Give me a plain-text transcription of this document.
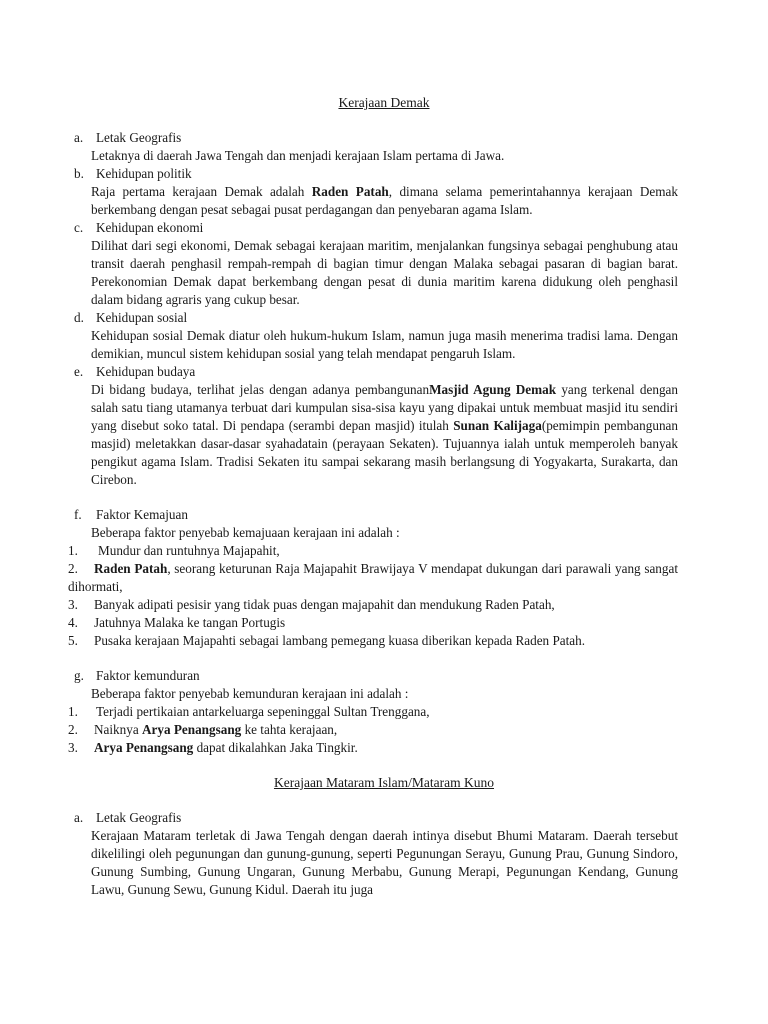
Kerajaan Demak
a. Letak Geografis
Letaknya di daerah Jawa Tengah dan menjadi kerajaan Islam pertama di Jawa.
b. Kehidupan politik
Raja pertama kerajaan Demak adalah Raden Patah, dimana selama pemerintahannya kerajaan Demak berkembang dengan pesat sebagai pusat perdagangan dan penyebaran agama Islam.
c. Kehidupan ekonomi
Dilihat dari segi ekonomi, Demak sebagai kerajaan maritim, menjalankan fungsinya sebagai penghubung atau transit daerah penghasil rempah-rempah di bagian timur dengan Malaka sebagai pasaran di bagian barat. Perekonomian Demak dapat berkembang dengan pesat di dunia maritim karena didukung oleh penghasil dalam bidang agraris yang cukup besar.
d. Kehidupan sosial
Kehidupan sosial Demak diatur oleh hukum-hukum Islam, namun juga masih menerima tradisi lama. Dengan demikian, muncul sistem kehidupan sosial yang telah mendapat pengaruh Islam.
e. Kehidupan budaya
Di bidang budaya, terlihat jelas dengan adanya pembangunanMasjid Agung Demak yang terkenal dengan salah satu tiang utamanya terbuat dari kumpulan sisa-sisa kayu yang dipakai untuk membuat masjid itu sendiri yang disebut soko tatal. Di pendapa (serambi depan masjid) itulah Sunan Kalijaga(pemimpin pembangunan masjid) meletakkan dasar-dasar syahadatain (perayaan Sekaten). Tujuannya ialah untuk memperoleh banyak pengikut agama Islam. Tradisi Sekaten itu sampai sekarang masih berlangsung di Yogyakarta, Surakarta, dan Cirebon.
f. Faktor Kemajuan
Beberapa faktor penyebab kemajuaan kerajaan ini adalah :
1. Mundur dan runtuhnya Majapahit,
2.	Raden Patah, seorang keturunan Raja Majapahit Brawijaya V mendapat dukungan dari parawali yang sangat dihormati,
3. Banyak adipati pesisir yang tidak puas dengan majapahit dan mendukung Raden Patah,
4. Jatuhnya Malaka ke tangan Portugis
5. Pusaka kerajaan Majapahti sebagai lambang pemegang kuasa diberikan kepada Raden Patah.
g. Faktor kemunduran
Beberapa faktor penyebab kemunduran kerajaan ini adalah :
1. Terjadi pertikaian antarkeluarga sepeninggal Sultan Trenggana,
2. Naiknya Arya Penangsang ke tahta kerajaan,
3. Arya Penangsang dapat dikalahkan Jaka Tingkir.
Kerajaan Mataram Islam/Mataram Kuno
a. Letak Geografis
Kerajaan Mataram terletak di Jawa Tengah dengan daerah intinya disebut Bhumi Mataram. Daerah tersebut dikelilingi oleh pegunungan dan gunung-gunung, seperti Pegunungan Serayu, Gunung Prau, Gunung Sindoro, Gunung Sumbing, Gunung Ungaran, Gunung Merbabu, Gunung Merapi, Pegunungan Kendang, Gunung Lawu, Gunung Sewu, Gunung Kidul. Daerah itu juga
